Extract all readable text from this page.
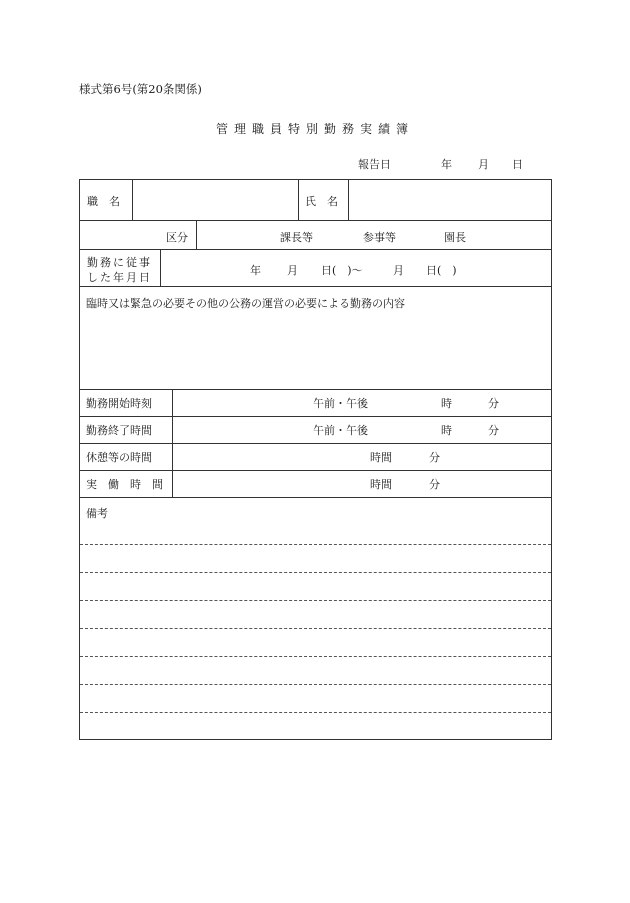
様式第6号(第20条関係)
管理職員特別勤務実績簿
報告日	年 月 日
職　名	氏　名
区分	課長等	参事等	園長
勤務に従事
した年月日
年 月 日(　)〜	月 日(　)
臨時又は緊急の必要その他の公務の運営の必要による勤務の内容
勤務開始時刻	午前・午後	時	分
勤務終了時間	午前・午後	時	分
休憩等の時間	時間	分
実　働　時　間	時間	分
備考
